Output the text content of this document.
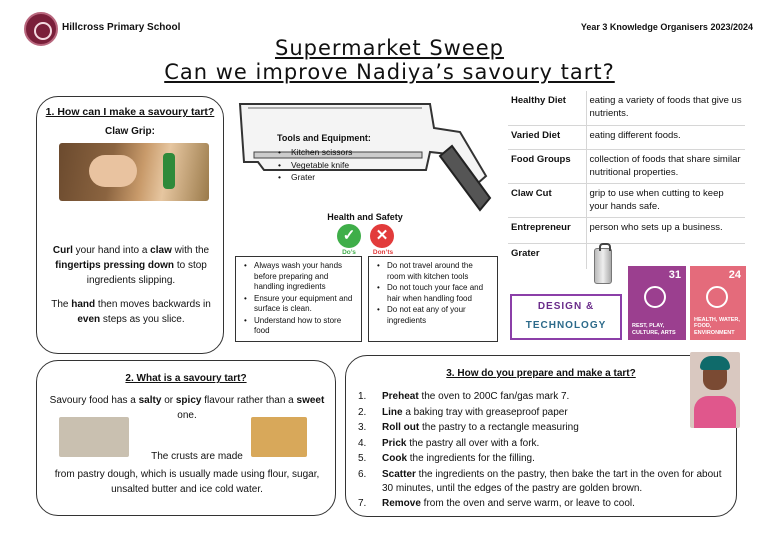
Hillcross Primary School	Year 3 Knowledge Organisers 2023/2024
Supermarket Sweep
Can we improve Nadiya’s savoury tart?
1. How can I make a savoury tart?
Claw Grip:
Curl your hand into a claw with the fingertips pressing down to stop ingredients slipping.
The hand then moves backwards in even steps as you slice.
Tools and Equipment:
• Kitchen scissors
• Vegetable knife
• Grater
Health and Safety
✓	✕
Do’s	Don’ts
• Always wash your hands before preparing and handling ingredients
• Ensure your equipment and surface is clean.
• Understand how to store food
• Do not travel around the room with kitchen tools
• Do not touch your face and hair when handling food
• Do not eat any of your ingredients
Healthy Diet	eating a variety of foods that give us nutrients.
Varied Diet	eating different foods.
Food Groups	collection of foods that share similar nutritional properties.
Claw Cut	grip to use when cutting to keep your hands safe.
Entrepreneur	person who sets up a business.
Grater	
DESIGN &
TECHNOLOGY
31
REST, PLAY, CULTURE, ARTS
24
HEALTH, WATER, FOOD, ENVIRONMENT
2. What is a savoury tart?
Savoury food has a salty or spicy flavour rather than a sweet one.
The crusts are made
from pastry dough, which is usually made using flour, sugar, unsalted butter and ice cold water.
3. How do you prepare and make a tart?
1. Preheat the oven to 200C fan/gas mark 7.
2. Line a baking tray with greaseproof paper
3. Roll out the pastry to a rectangle measuring
4. Prick the pastry all over with a fork.
5. Cook the ingredients for the filling.
6. Scatter the ingredients on the pastry, then bake the tart in the oven for about 30 minutes, until the edges of the pastry are golden brown.
7. Remove from the oven and serve warm, or leave to cool.
